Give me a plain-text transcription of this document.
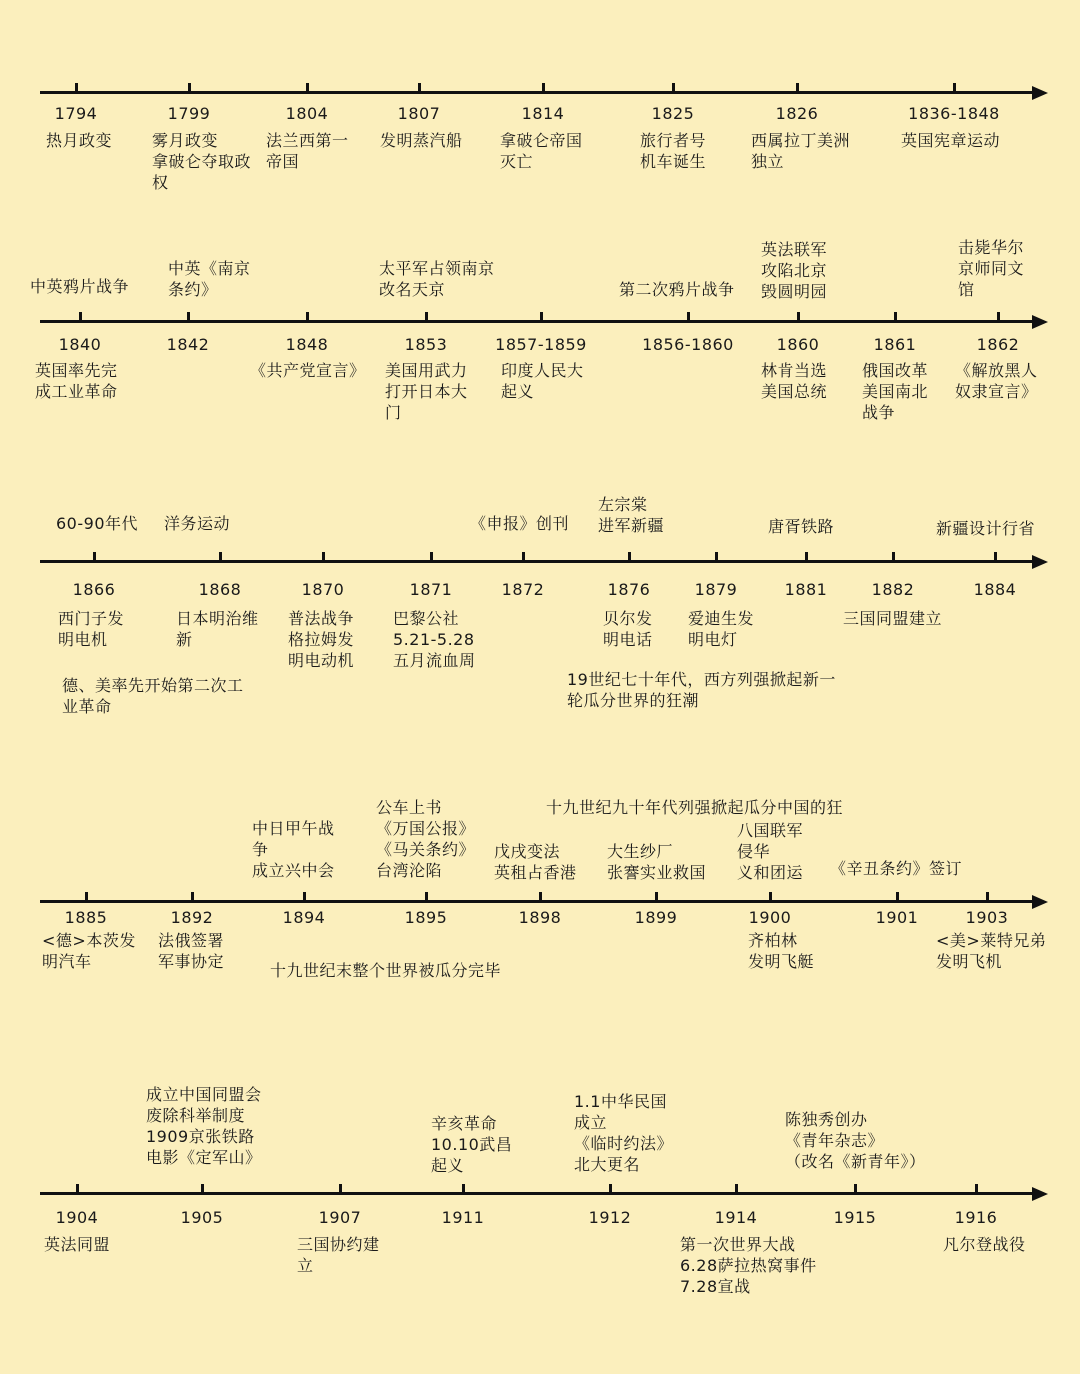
1794
热月政变
1799
雾月政变
拿破仑夺取政
权
1804
法兰西第一
帝国
1807
发明蒸汽船
1814
拿破仑帝国
灭亡
1825
旅行者号
机车诞生
1826
西属拉丁美洲
独立
1836-1848
英国宪章运动
1840
英国率先完
成工业革命
中英鸦片战争
1842
中英《南京
条约》
1848
《共产党宣言》
1853
美国用武力
打开日本大
门
太平军占领南京
改名天京
1857-1859
印度人民大
起义
1856-1860
第二次鸦片战争
1860
林肯当选
美国总统
英法联军
攻陷北京
毁圆明园
1861
俄国改革
美国南北
战争
击毙华尔
京师同文
馆
1862
《解放黑人
奴隶宣言》
1866
西门子发
明电机
60-90年代
1868
日本明治维
新
洋务运动
1870
普法战争
格拉姆发
明电动机
1871
巴黎公社
5.21-5.28
五月流血周
1872
《申报》创刊
1876
贝尔发
明电话
左宗棠
进军新疆
1879
爱迪生发
明电灯
1881
唐胥铁路
1882
三国同盟建立
1884
新疆设计行省
德、美率先开始第二次工
业革命
19世纪七十年代，西方列强掀起新一
轮瓜分世界的狂潮
1885
<德>本茨发
明汽车
1892
法俄签署
军事协定
1894
中日甲午战
争
成立兴中会
1895
公车上书
《万国公报》
《马关条约》
台湾沦陷
1898
戊戌变法
英租占香港
1899
大生纱厂
张謇实业救国
1900
齐柏林
发明飞艇
八国联军
侵华
义和团运
1901
《辛丑条约》签订
1903
<美>莱特兄弟
发明飞机
十九世纪九十年代列强掀起瓜分中国的狂
十九世纪末整个世界被瓜分完毕
1904
英法同盟
1905
成立中国同盟会
废除科举制度
1909京张铁路
电影《定军山》
1907
三国协约建
立
1911
辛亥革命
10.10武昌
起义
1912
1.1中华民国
成立
《临时约法》
北大更名
1914
第一次世界大战
6.28萨拉热窝事件
7.28宣战
1915
陈独秀创办
《青年杂志》
（改名《新青年》）
1916
凡尔登战役
